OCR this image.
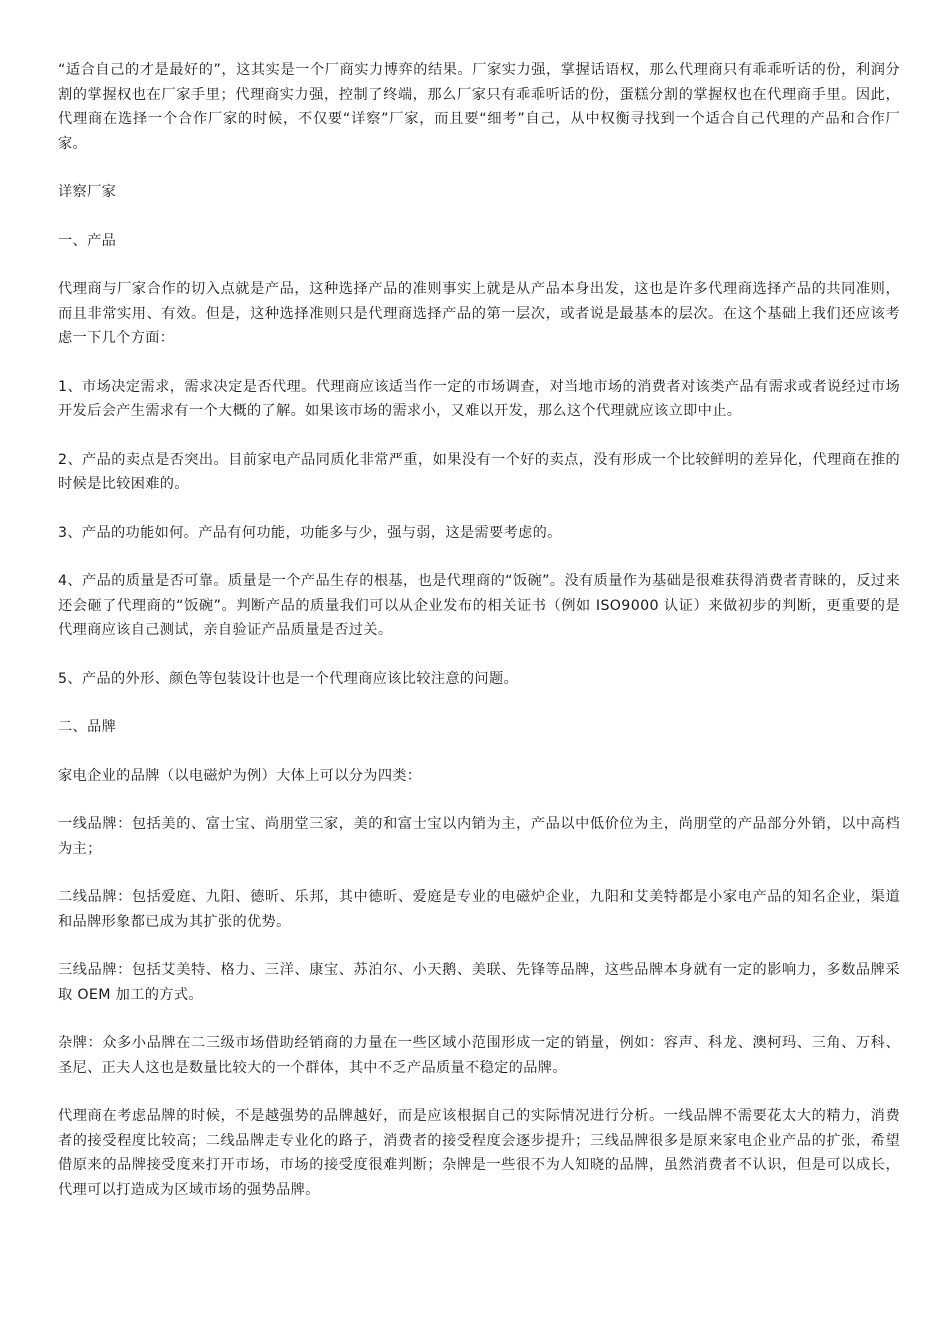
“适合自己的才是最好的”，这其实是一个厂商实力博弈的结果。厂家实力强，掌握话语权，那么代理商只有乖乖听话的份，利润分割的掌握权也在厂家手里；代理商实力强，控制了终端，那么厂家只有乖乖听话的份，蛋糕分割的掌握权也在代理商手里。因此，代理商在选择一个合作厂家的时候，不仅要“详察”厂家，而且要“细考”自己，从中权衡寻找到一个适合自己代理的产品和合作厂家。

详察厂家

一、产品

代理商与厂家合作的切入点就是产品，这种选择产品的准则事实上就是从产品本身出发，这也是许多代理商选择产品的共同准则，而且非常实用、有效。但是，这种选择准则只是代理商选择产品的第一层次，或者说是最基本的层次。在这个基础上我们还应该考虑一下几个方面：

1、市场决定需求，需求决定是否代理。代理商应该适当作一定的市场调查，对当地市场的消费者对该类产品有需求或者说经过市场开发后会产生需求有一个大概的了解。如果该市场的需求小，又难以开发，那么这个代理就应该立即中止。

2、产品的卖点是否突出。目前家电产品同质化非常严重，如果没有一个好的卖点，没有形成一个比较鲜明的差异化，代理商在推的时候是比较困难的。

3、产品的功能如何。产品有何功能，功能多与少，强与弱，这是需要考虑的。

4、产品的质量是否可靠。质量是一个产品生存的根基，也是代理商的“饭碗”。没有质量作为基础是很难获得消费者青睐的，反过来还会砸了代理商的“饭碗”。判断产品的质量我们可以从企业发布的相关证书（例如 ISO9000 认证）来做初步的判断，更重要的是代理商应该自己测试，亲自验证产品质量是否过关。

5、产品的外形、颜色等包装设计也是一个代理商应该比较注意的问题。

二、品牌

家电企业的品牌（以电磁炉为例）大体上可以分为四类：

一线品牌：包括美的、富士宝、尚朋堂三家，美的和富士宝以内销为主，产品以中低价位为主，尚朋堂的产品部分外销，以中高档为主；

二线品牌：包括爱庭、九阳、德昕、乐邦，其中德昕、爱庭是专业的电磁炉企业，九阳和艾美特都是小家电产品的知名企业，渠道和品牌形象都已成为其扩张的优势。

三线品牌：包括艾美特、格力、三洋、康宝、苏泊尔、小天鹅、美联、先锋等品牌，这些品牌本身就有一定的影响力，多数品牌采取 OEM 加工的方式。

杂牌：众多小品牌在二三级市场借助经销商的力量在一些区域小范围形成一定的销量，例如：容声、科龙、澳柯玛、三角、万科、圣尼、正夫人这也是数量比较大的一个群体，其中不乏产品质量不稳定的品牌。

代理商在考虑品牌的时候，不是越强势的品牌越好，而是应该根据自己的实际情况进行分析。一线品牌不需要花太大的精力，消费者的接受程度比较高；二线品牌走专业化的路子，消费者的接受程度会逐步提升；三线品牌很多是原来家电企业产品的扩张，希望借原来的品牌接受度来打开市场，市场的接受度很难判断；杂牌是一些很不为人知晓的品牌，虽然消费者不认识，但是可以成长，代理可以打造成为区域市场的强势品牌。
